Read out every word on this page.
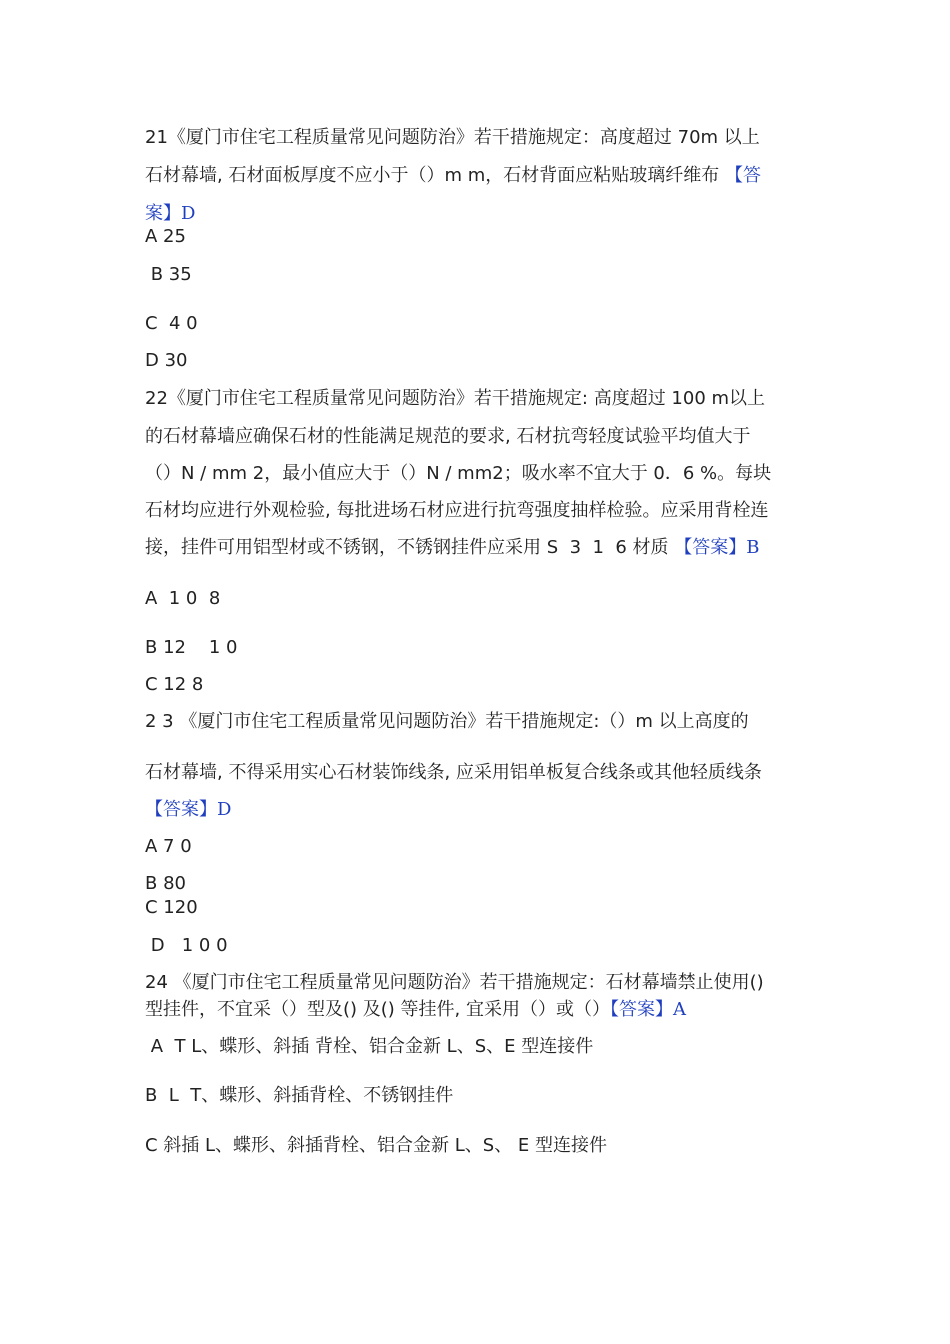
21《厦门市住宅工程质量常见问题防治》若干措施规定：高度超过 70m 以上

石材幕墙, 石材面板厚度不应小于（）m m，石材背面应粘贴玻璃纤维布 【答

案】D

A 25

B 35

C  4 0

D 30

22《厦门市住宅工程质量常见问题防治》若干措施规定: 高度超过 100 m以上

的石材幕墙应确保石材的性能满足规范的要求, 石材抗弯轻度试验平均值大于

（）N / mm 2，最小值应大于（）N / mm2；吸水率不宜大于 0．6 %。每块

石材均应进行外观检验, 每批进场石材应进行抗弯强度抽样检验。应采用背栓连

接，挂件可用铝型材或不锈钢，不锈钢挂件应采用 S  3  1  6 材质 【答案】B

A  1 0  8

B 12    1 0

C 12 8

2 3 《厦门市住宅工程质量常见问题防治》若干措施规定:（）m 以上高度的

石材幕墙, 不得采用实心石材装饰线条, 应采用铝单板复合线条或其他轻质线条

【答案】D

A 7 0

B 80

C 120

D   1 0 0

24 《厦门市住宅工程质量常见问题防治》若干措施规定：石材幕墙禁止使用()

型挂件，不宜采（）型及() 及() 等挂件, 宜采用（）或（）【答案】A

A  T L、蝶形、斜插 背栓、铝合金新 L、S、E 型连接件

B  L  T、蝶形、斜插背栓、不锈钢挂件

C 斜插 L、蝶形、斜插背栓、铝合金新 L、S、 E 型连接件
